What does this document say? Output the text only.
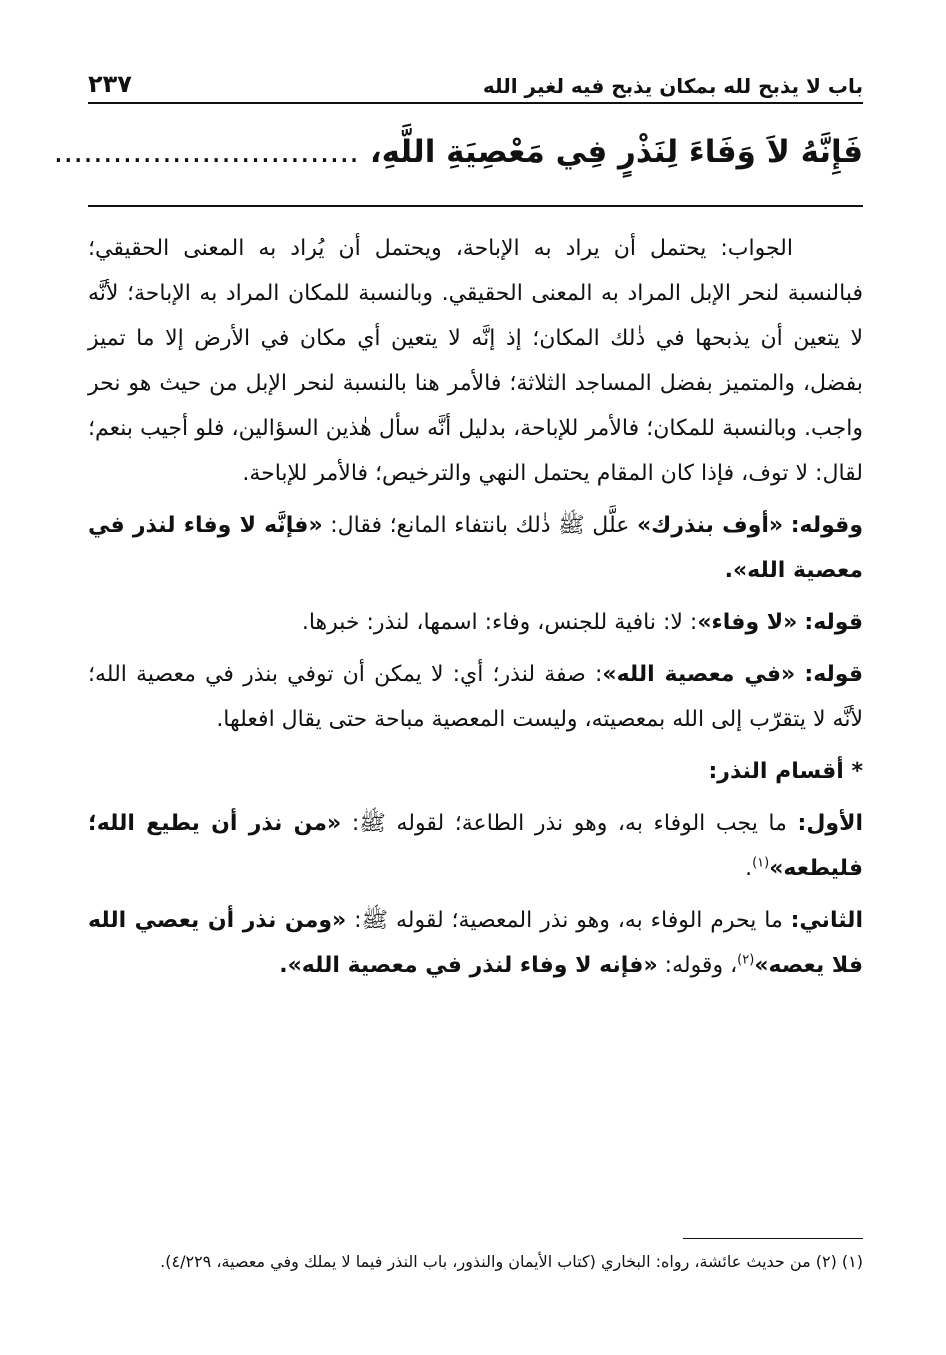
باب لا يذبح لله بمكان يذبح فيه لغير الله
٢٣٧
فَإِنَّهُ لاَ وَفَاءَ لِنَذْرٍ فِي مَعْصِيَةِ اللَّهِ، ...............................

الجواب: يحتمل أن يراد به الإباحة، ويحتمل أن يُراد به المعنى الحقيقي؛ فبالنسبة لنحر الإبل المراد به المعنى الحقيقي. وبالنسبة للمكان المراد به الإباحة؛ لأنَّه لا يتعين أن يذبحها في ذٰلك المكان؛ إذ إنَّه لا يتعين أي مكان في الأرض إلا ما تميز بفضل، والمتميز بفضل المساجد الثلاثة؛ فالأمر هنا بالنسبة لنحر الإبل من حيث هو نحر واجب. وبالنسبة للمكان؛ فالأمر للإباحة، بدليل أنَّه سأل هٰذين السؤالين، فلو أجيب بنعم؛ لقال: لا توف، فإذا كان المقام يحتمل النهي والترخيص؛ فالأمر للإباحة.

وقوله: «أوف بنذرك» علَّل ﷺ ذٰلك بانتفاء المانع؛ فقال: «فإنَّه لا وفاء لنذر في معصية الله».

قوله: «لا وفاء»: لا: نافية للجنس، وفاء: اسمها، لنذر: خبرها.

قوله: «في معصية الله»: صفة لنذر؛ أي: لا يمكن أن توفي بنذر في معصية الله؛ لأنَّه لا يتقرّب إلى الله بمعصيته، وليست المعصية مباحة حتى يقال افعلها.

* أقسام النذر:

الأول: ما يجب الوفاء به، وهو نذر الطاعة؛ لقوله ﷺ: «من نذر أن يطيع الله؛ فليطعه»$^{(١)}$.

الثاني: ما يحرم الوفاء به، وهو نذر المعصية؛ لقوله ﷺ: «ومن نذر أن يعصي الله فلا يعصه»$^{(٢)}$، وقوله: «فإنه لا وفاء لنذر في معصية الله».

(١) (٢) من حديث عائشة، رواه: البخاري (كتاب الأيمان والنذور، باب النذر فيما لا يملك وفي معصية، ٤/٢٢٩).
